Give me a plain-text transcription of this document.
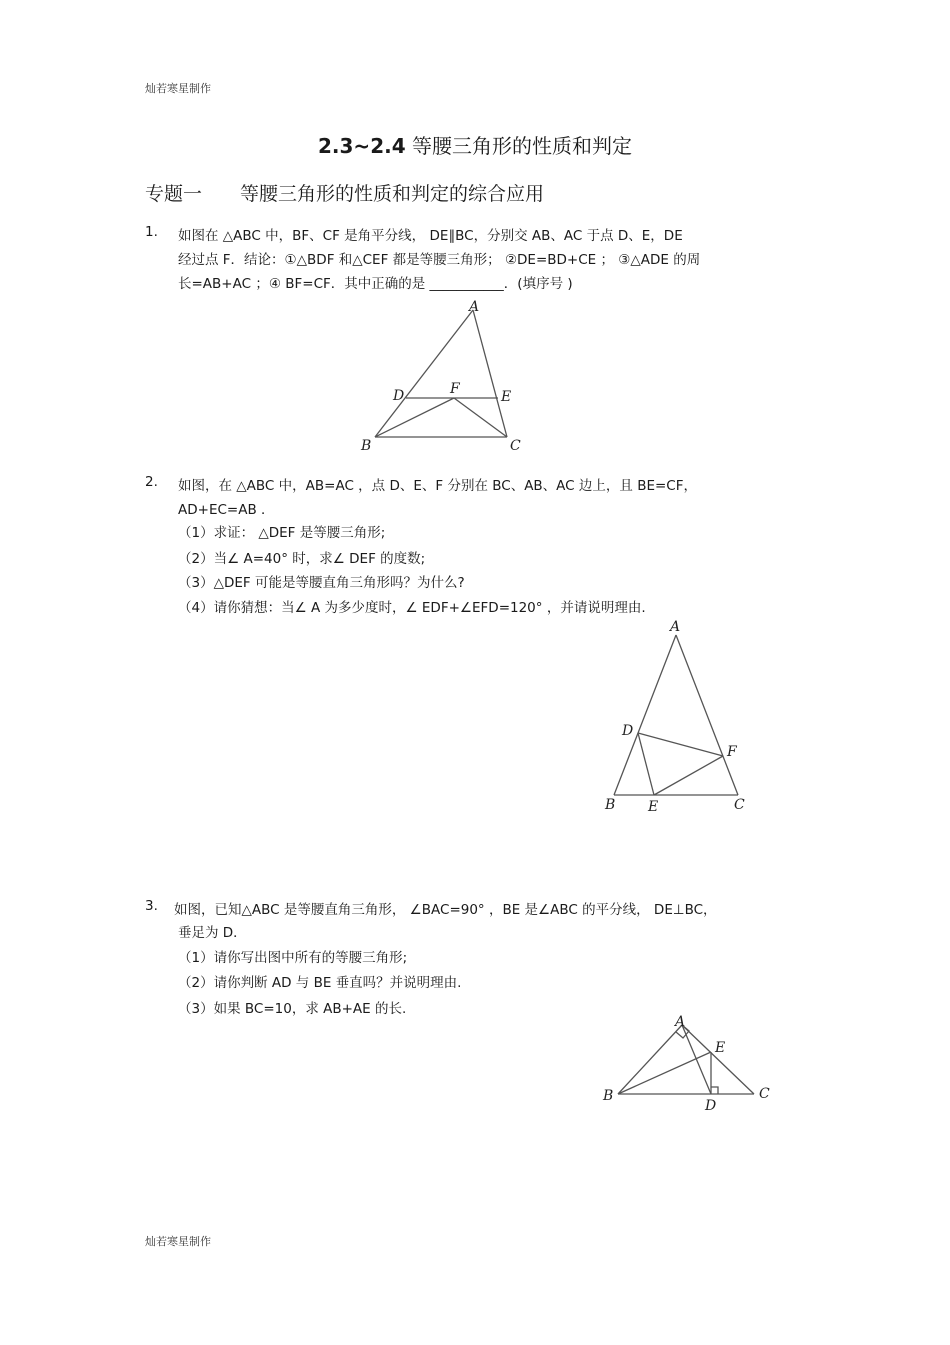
灿若寒星制作
2.3~2.4 等腰三角形的性质和判定
专题一　　等腰三角形的性质和判定的综合应用
1. 如图在 △ABC 中，BF、CF 是角平分线， DE∥BC，分别交 AB、AC 于点 D、E，DE
经过点 F．结论：①△BDF 和△CEF 都是等腰三角形； ②DE=BD+CE ； ③△ADE 的周
长=AB+AC ；④ BF=CF．其中正确的是 ___________．(填序号 )
A
B	C
D	E
F
2. 如图，在 △ABC 中，AB=AC ，点 D、E、F 分别在 BC、AB、AC 边上，且 BE=CF，
AD+EC=AB ．
（1）求证： △DEF 是等腰三角形;
（2）当∠ A=40° 时，求∠ DEF 的度数;
（3）△DEF 可能是等腰直角三角形吗？为什么?
（4）请你猜想：当∠ A 为多少度时，∠ EDF+∠EFD=120° ，并请说明理由.
A
B	C
D
E
F
3. 如图，已知△ABC 是等腰直角三角形， ∠BAC=90° ，BE 是∠ABC 的平分线， DE⊥BC，
垂足为 D．
（1）请你写出图中所有的等腰三角形;
（2）请你判断 AD 与 BE 垂直吗？并说明理由.
（3）如果 BC=10，求 AB+AE 的长.
A
B	C
D
E
灿若寒星制作
